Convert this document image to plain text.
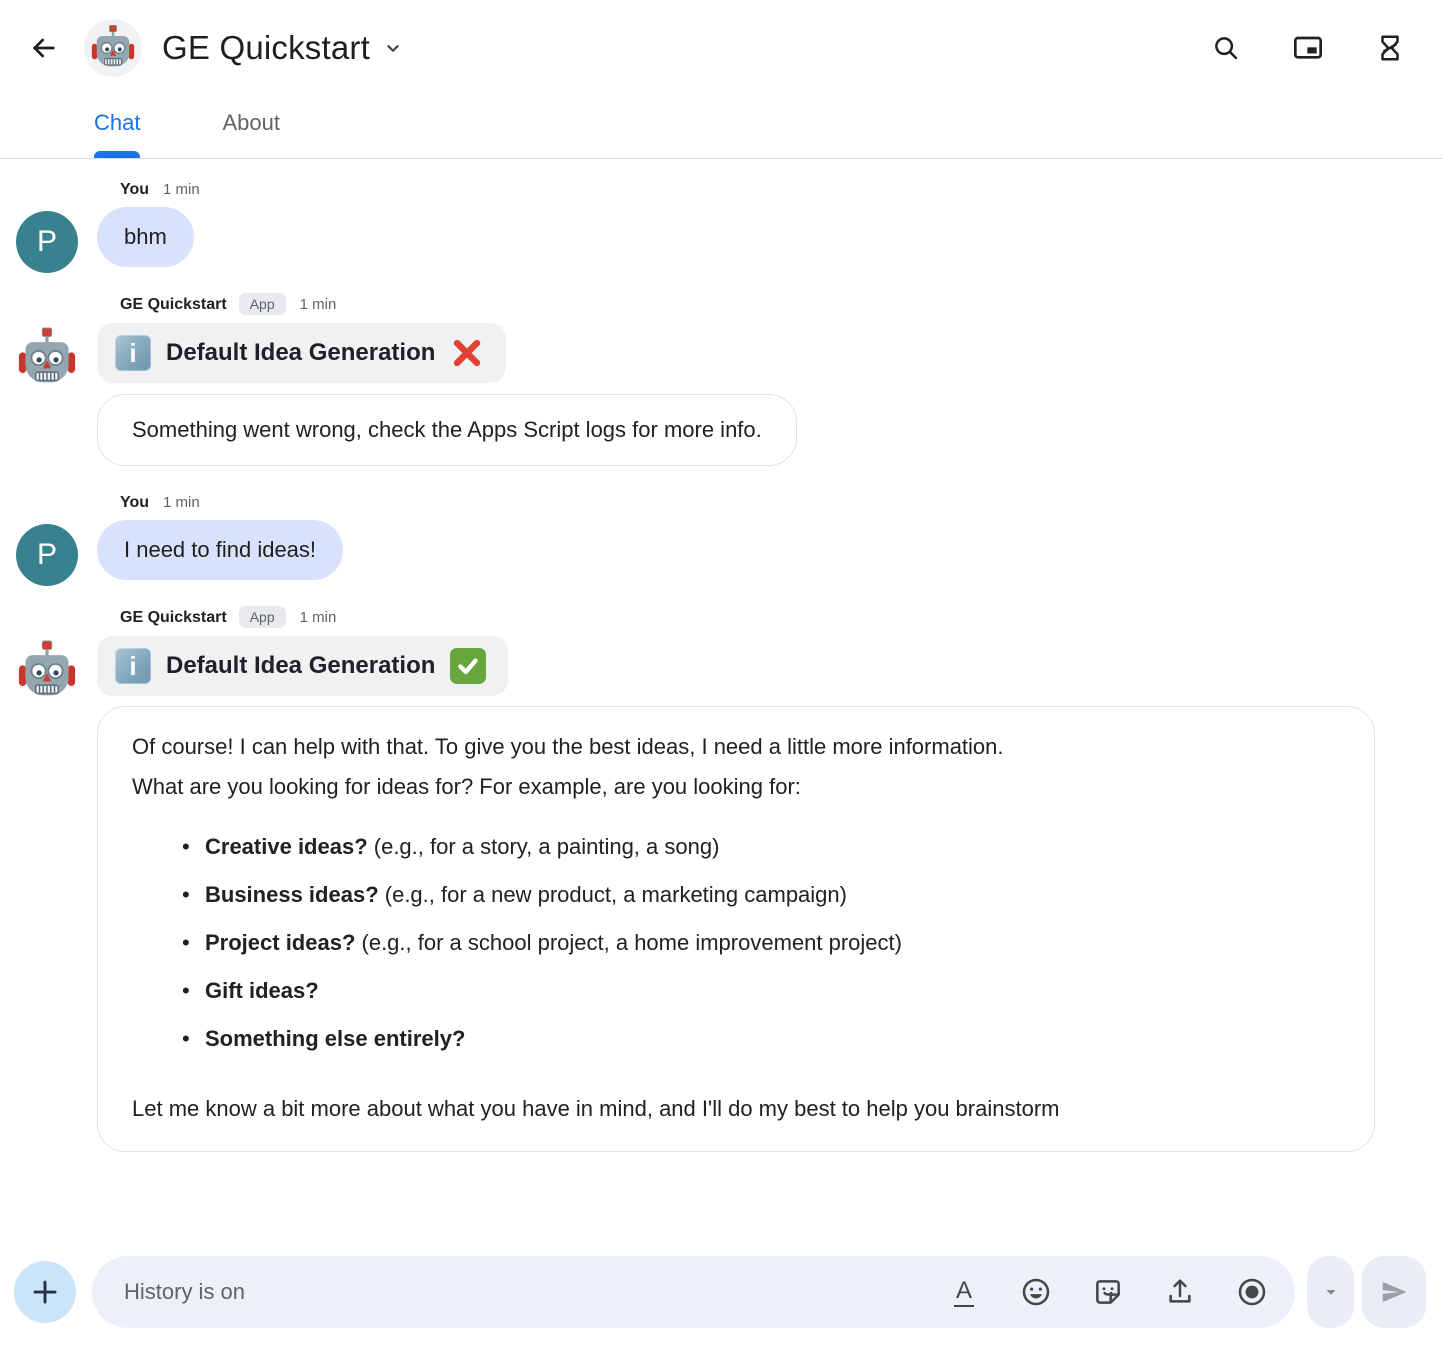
GE Quickstart
Chat	About
You 1 min
P	bhm
GE Quickstart	App	1 min
i	Default Idea Generation

Something went wrong, check the Apps Script logs for more info.
You 1 min
P	I need to find ideas!
GE Quickstart	App	1 min
i	Default Idea Generation

Of course! I can help with that. To give you the best ideas, I need a little more information.

What are you looking for ideas for? For example, are you looking for:

• Creative ideas? (e.g., for a story, a painting, a song)
• Business ideas? (e.g., for a new product, a marketing campaign)
• Project ideas? (e.g., for a school project, a home improvement project)
• Gift ideas?
• Something else entirely?

Let me know a bit more about what you have in mind, and I'll do my best to help you brainstorm

History is on
A
